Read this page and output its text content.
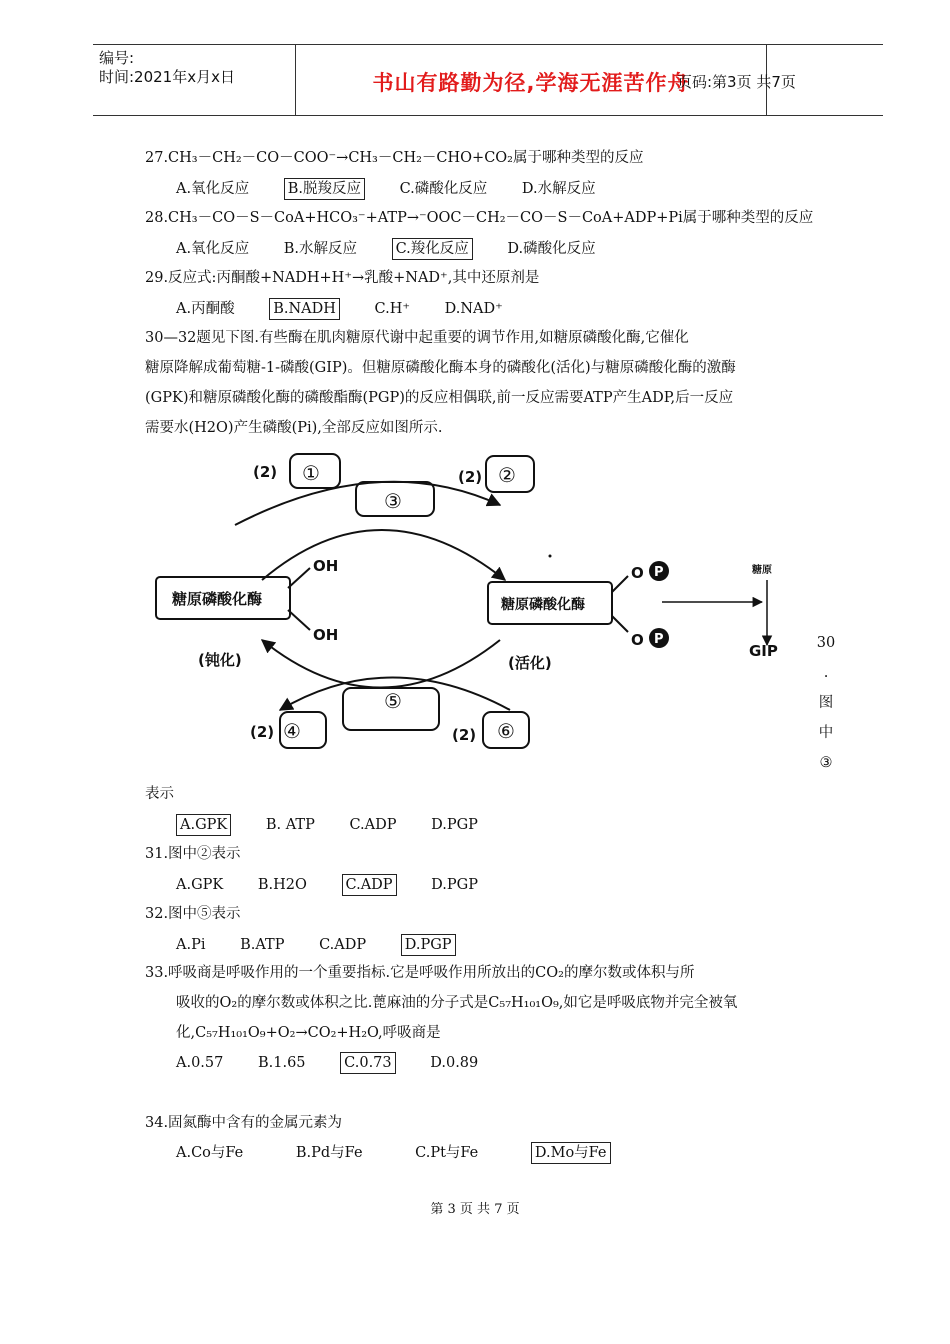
编号:
时间:2021年x月x日	书山有路勤为径,学海无涯苦作舟
页码:第3页 共7页
27.CH₃－CH₂－CO－COO⁻→CH₃－CH₂－CHO+CO₂属于哪种类型的反应
A.氧化反应	B.脱羧反应	C.磷酸化反应 D.水解反应
28.CH₃－CO－S－CoA+HCO₃⁻+ATP→⁻OOC－CH₂－CO－S－CoA+ADP+Pi属于哪种类型的反应
A.氧化反应 B.水解反应	C.羧化反应	D.磷酸化反应
29.反应式:丙酮酸+NADH+H⁺→乳酸+NAD⁺,其中还原剂是
A.丙酮酸	B.NADH	C.H⁺ D.NAD⁺
30—32题见下图.有些酶在肌肉糖原代谢中起重要的调节作用,如糖原磷酸化酶,它催化
糖原降解成葡萄糖-1-磷酸(GIP)。但糖原磷酸化酶本身的磷酸化(活化)与糖原磷酸化酶的激酶
(GPK)和糖原磷酸化酶的磷酸酯酶(PGP)的反应相偶联,前一反应需要ATP产生ADP,后一反应
需要水(H2O)产生磷酸(Pi),全部反应如图所示.
(2) ①	(2) ②
③
OH
OH
糖原磷酸化酶	糖原磷酸化酶
O
O
P
P
糖原
GIP
(钝化)	(活化)
⑤
(2) ④	(2) ⑥
30
.
图
中
③
表示
A.GPK	B. ATP C.ADP D.PGP
31.图中②表示
A.GPK B.H2O	C.ADP	D.PGP
32.图中⑤表示
A.Pi B.ATP C.ADP	D.PGP
33.呼吸商是呼吸作用的一个重要指标.它是呼吸作用所放出的CO₂的摩尔数或体积与所
吸收的O₂的摩尔数或体积之比.蓖麻油的分子式是C₅₇H₁₀₁O₉,如它是呼吸底物并完全被氧
化,C₅₇H₁₀₁O₉+O₂→CO₂+H₂O,呼吸商是
A.0.57 B.1.65	C.0.73	D.0.89
34.固氮酶中含有的金属元素为
A.Co与Fe	B.Pd与Fe	C.Pt与Fe	D.Mo与Fe
第 3 页 共 7 页
